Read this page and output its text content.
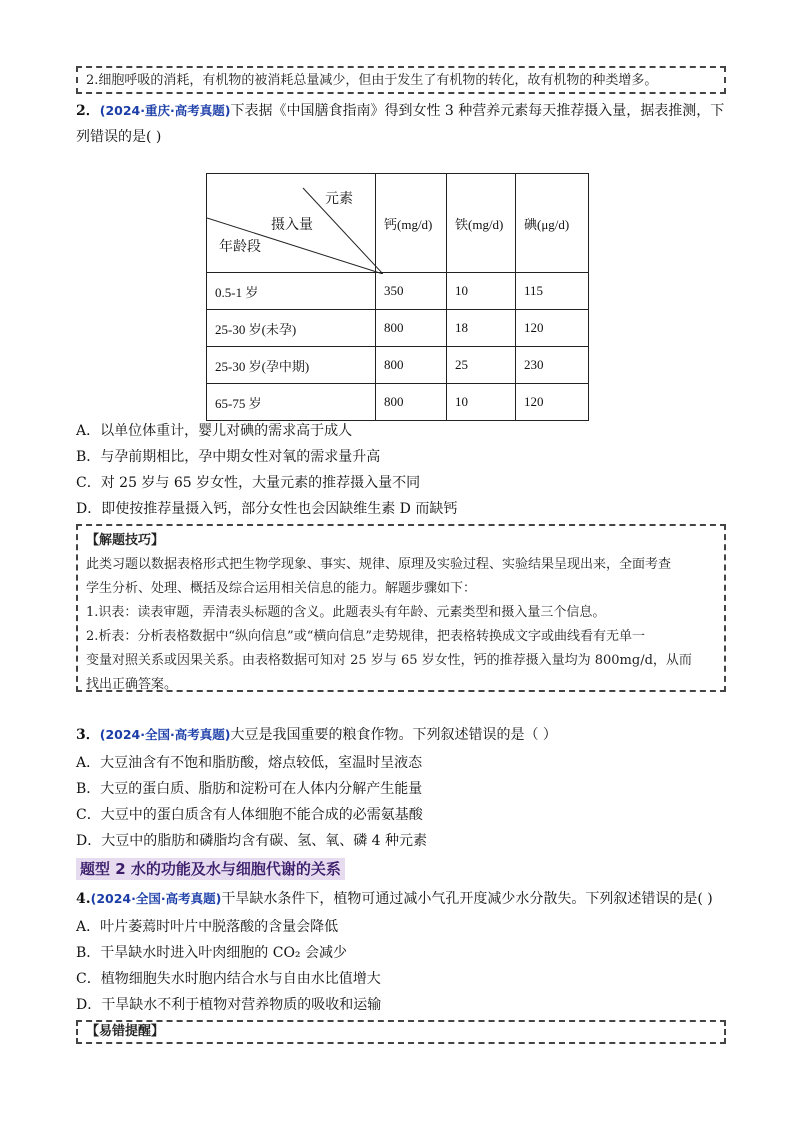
2.细胞呼吸的消耗，有机物的被消耗总量减少，但由于发生了有机物的转化，故有机物的种类增多。

2．(2024·重庆·高考真题)下表据《中国膳食指南》得到女性 3 种营养元素每天推荐摄入量，据表推测，下
列错误的是( )
元素
摄入量
年龄段	钙(mg/d)	铁(mg/d)	碘(μg/d)
0.5-1 岁	350	10	115
25-30 岁(未孕)	800	18	120
25-30 岁(孕中期)	800	25	230
65-75 岁	800	10	120
A．以单位体重计，婴儿对碘的需求高于成人
B．与孕前期相比，孕中期女性对氧的需求量升高
C．对 25 岁与 65 岁女性，大量元素的推荐摄入量不同
D．即使按推荐量摄入钙，部分女性也会因缺维生素 D 而缺钙

【解题技巧】

此类习题以数据表格形式把生物学现象、事实、规律、原理及实验过程、实验结果呈现出来，全面考查

学生分析、处理、概括及综合运用相关信息的能力。解题步骤如下：

1.识表：读表审题，弄清表头标题的含义。此题表头有年龄、元素类型和摄入量三个信息。

2.析表：分析表格数据中“纵向信息”或“横向信息”走势规律，把表格转换成文字或曲线看有无单一

变量对照关系或因果关系。由表格数据可知对 25 岁与 65 岁女性，钙的推荐摄入量均为 800mg/d，从而

找出正确答案。

3．(2024·全国·高考真题)大豆是我国重要的粮食作物。下列叙述错误的是（ ）
A．大豆油含有不饱和脂肪酸，熔点较低，室温时呈液态
B．大豆的蛋白质、脂肪和淀粉可在人体内分解产生能量
C．大豆中的蛋白质含有人体细胞不能合成的必需氨基酸
D．大豆中的脂肪和磷脂均含有碳、氢、氧、磷 4 种元素
题型 2 水的功能及水与细胞代谢的关系
4.(2024·全国·高考真题)干旱缺水条件下，植物可通过减小气孔开度减少水分散失。下列叙述错误的是( )
A．叶片萎蔫时叶片中脱落酸的含量会降低
B．干旱缺水时进入叶肉细胞的 CO₂ 会减少
C．植物细胞失水时胞内结合水与自由水比值增大
D．干旱缺水不利于植物对营养物质的吸收和运输

【易错提醒】
